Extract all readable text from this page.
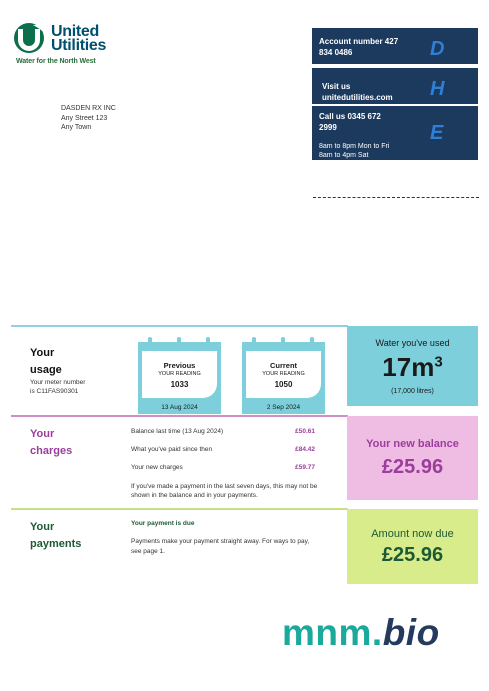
United
Utilities
Water for the North West
Account number 427
834 0486	D
Visit us
unitedutilities.com H
Call us 0345 672
2999
8am to 8pm Mon to Fri
8am to 4pm Sat
E
DASDEN RX INC
Any Street 123
Any Town
Your
usage
Your meter number
is C11FAS90301
Previous
YOUR READING
1033
13 Aug 2024
Current
YOUR READING
1050
2 Sep 2024
Water you've used
$17m^3$
(17,000 litres)
Your
charges
Balance last time (13 Aug 2024)	£50.61
What you've paid since then	£84.42
Your new charges	£59.77
If you've made a payment in the last seven days, this may not be shown in the balance and in your payments.
Your new balance
£25.96
Your
payments
Your payment is due
Payments make your payment straight away. For ways to pay, see page 1.
Amount now due
£25.96
mnm.bio
